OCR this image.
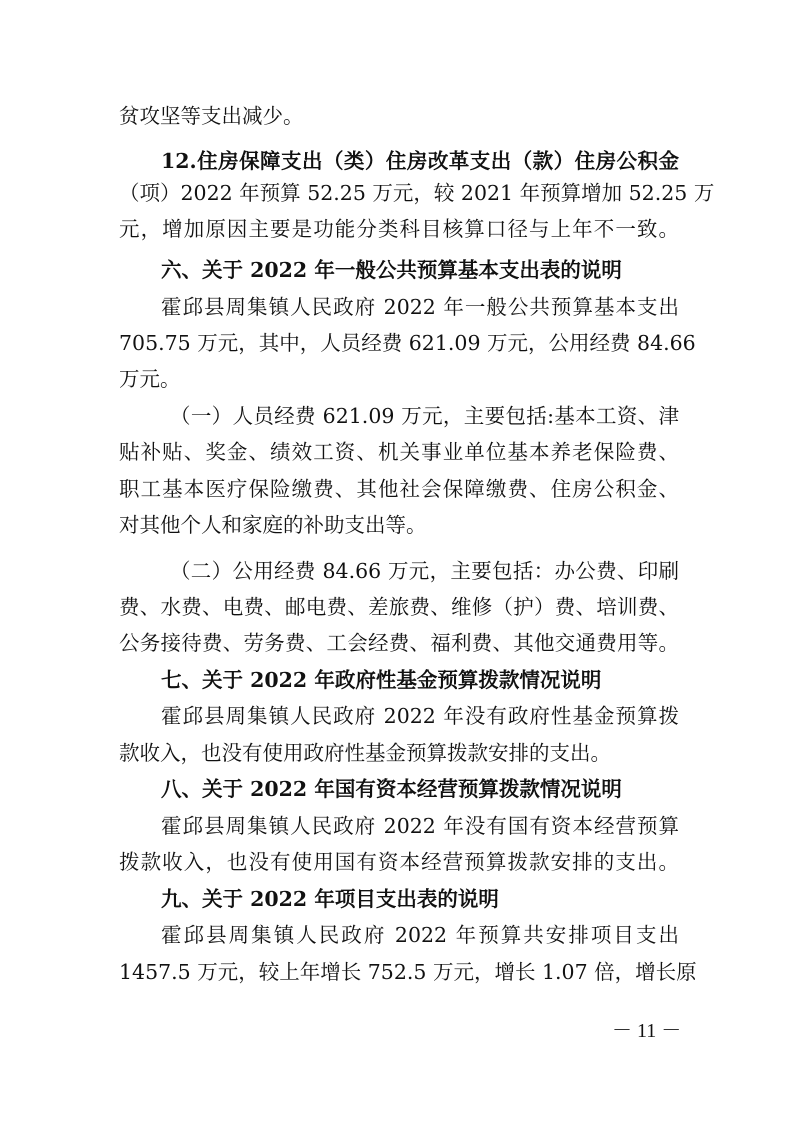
贫攻坚等支出减少。
12.住房保障支出（类）住房改革支出（款）住房公积金
（项）2022 年预算 52.25 万元，较 2021 年预算增加 52.25 万
元，增加原因主要是功能分类科目核算口径与上年不一致。
六、关于 2022 年一般公共预算基本支出表的说明
霍邱县周集镇人民政府 2022 年一般公共预算基本支出
705.75 万元，其中，人员经费 621.09 万元，公用经费 84.66
万元。
（一）人员经费 621.09 万元，主要包括:基本工资、津
贴补贴、奖金、绩效工资、机关事业单位基本养老保险费、
职工基本医疗保险缴费、其他社会保障缴费、住房公积金、
对其他个人和家庭的补助支出等。
（二）公用经费 84.66 万元，主要包括：办公费、印刷
费、水费、电费、邮电费、差旅费、维修（护）费、培训费、
公务接待费、劳务费、工会经费、福利费、其他交通费用等。
七、关于 2022 年政府性基金预算拨款情况说明
霍邱县周集镇人民政府 2022 年没有政府性基金预算拨
款收入，也没有使用政府性基金预算拨款安排的支出。
八、关于 2022 年国有资本经营预算拨款情况说明
霍邱县周集镇人民政府 2022 年没有国有资本经营预算
拨款收入，也没有使用国有资本经营预算拨款安排的支出。
九、关于 2022 年项目支出表的说明
霍邱县周集镇人民政府 2022 年预算共安排项目支出
1457.5 万元，较上年增长 752.5 万元，增长 1.07 倍，增长原
－ 11 －
